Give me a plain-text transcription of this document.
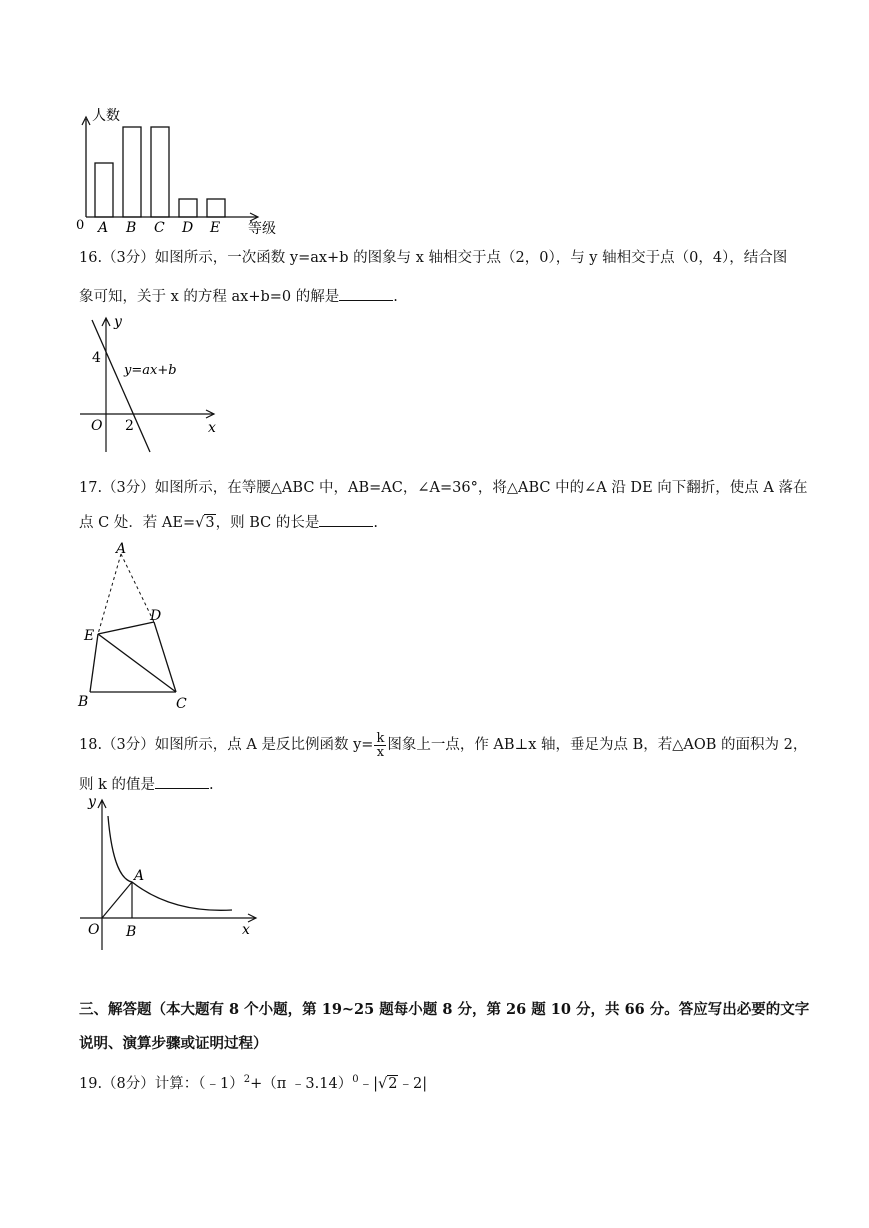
人数
等级
0 A B C D E
16.（3分）如图所示，一次函数 y=ax+b 的图象与 x 轴相交于点（2，0），与 y 轴相交于点（0，4），结合图
象可知，关于 x 的方程 ax+b=0 的解是	.
y
x
O
4
2
y=ax+b
17.（3分）如图所示，在等腰△ABC 中，AB=AC，∠A=36°，将△ABC 中的∠A 沿 DE 向下翻折，使点 A 落在
点 C 处．若 AE=√3，则 BC 的长是	.
A
D
E
B	C
18.（3分）如图所示，点 A 是反比例函数 $y= \frac{k}{x}$ 图象上一点，作 AB⊥x 轴，垂足为点 B，若△AOB 的面积为 2，
则 k 的值是	.
y
x
O
A
B
三、解答题（本大题有 8 个小题，第 19~25 题每小题 8 分，第 26 题 10 分，共 66 分。答应写出必要的文字
说明、演算步骤或证明过程）
19.（8分）计算：（﹣1）$^2$+（π ﹣3.14）$^0$﹣|√2﹣2|
